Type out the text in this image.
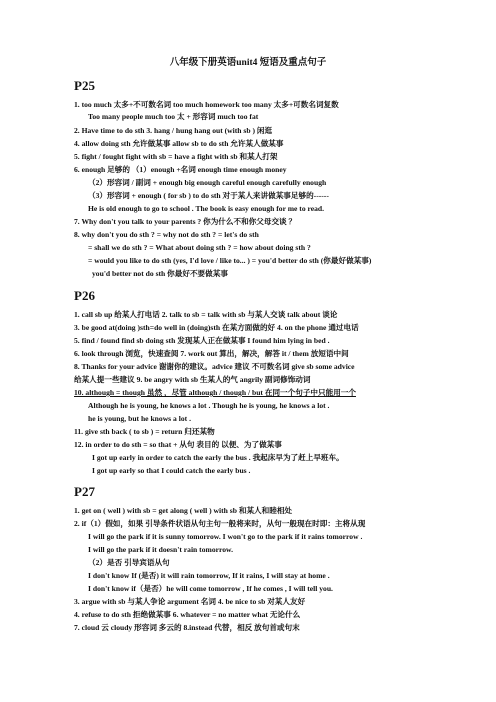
八年级下册英语unit4 短语及重点句子
P25
1. too much 太多+不可数名词 too much homework too many 太多+可数名词复数
Too many people much too 太 + 形容词 much too fat
2. Have time to do sth 3. hang / hung hang out (with sb ) 闲逛
4. allow doing sth 允许做某事 allow sb to do sth 允许某人做某事
5. fight / fought fight with sb = have a fight with sb 和某人打架
6. enough 足够的 （1）enough +名词 enough time enough money
（2）形容词 / 副词 + enough big enough careful enough carefully enough
（3）形容词 + enough ( for sb ) to do sth 对于某人来讲做某事足够的------
He is old enough to go to school . The book is easy enough for me to read.
7. Why don't you talk to your parents ? 你为什么不和你父母交谈 ？
8. why don't you do sth ? = why not do sth ? = let's do sth
= shall we do sth ? = What about doing sth ? = how about doing sth ?
= would you like to do sth (yes, I'd love / like to... ) = you'd better do sth (你最好做某事)
you'd better not do sth 你最好不要做某事
P26
1. call sb up 给某人打电话 2. talk to sb = talk with sb 与某人交谈 talk about 谈论
3. be good at(doing )sth=do well in (doing)sth 在某方面做的好 4. on the phone 通过电话
5. find / found find sb doing sth 发现某人正在做某事 I found him lying in bed .
6. look through 浏览，快速查阅 7. work out 算出，解决，解答 it / them 放短语中间
8. Thanks for your advice 谢谢你的建议。advice 建议 不可数名词 give sb some advice
给某人提一些建议 9. be angry with sb 生某人的气 angrily 副词修饰动词
10. although = though 虽然 ，尽管 although / though / but 在同一个句子中只能用一个
Although he is young, he knows a lot . Though he is young, he knows a lot .
he is young, but he knows a lot .
11. give sth back ( to sb ) = return 归还某物
12. in order to do sth = so that + 从句 表目的 以便、为了做某事
I got up early in order to catch the early the bus . 我起床早为了赶上早班车。
I got up early so that I could catch the early bus .
P27
1. get on ( well ) with sb = get along ( well ) with sb 和某人和睦相处
2. if（1）假如，如果 引导条件状语从句主句一般将来时，从句一般现在时即：主将从现
I will go the park if it is sunny tomorrow. I won't go to the park if it rains tomorrow .
I will go the park if it doesn't rain tomorrow.
（2）是否 引导宾语从句
I don't know If (是否) it will rain tomorrow, If it rains, I will stay at home .
I don't know if（是否）he will come tomorrow , If he comes , I will tell you.
3. argue with sb 与某人争论 argument 名词 4. be nice to sb 对某人友好
4. refuse to do sth 拒绝做某事 6. whatever = no matter what 无论什么
7. cloud 云 cloudy 形容词 多云的 8.instead 代替，相反 放句首或句末
